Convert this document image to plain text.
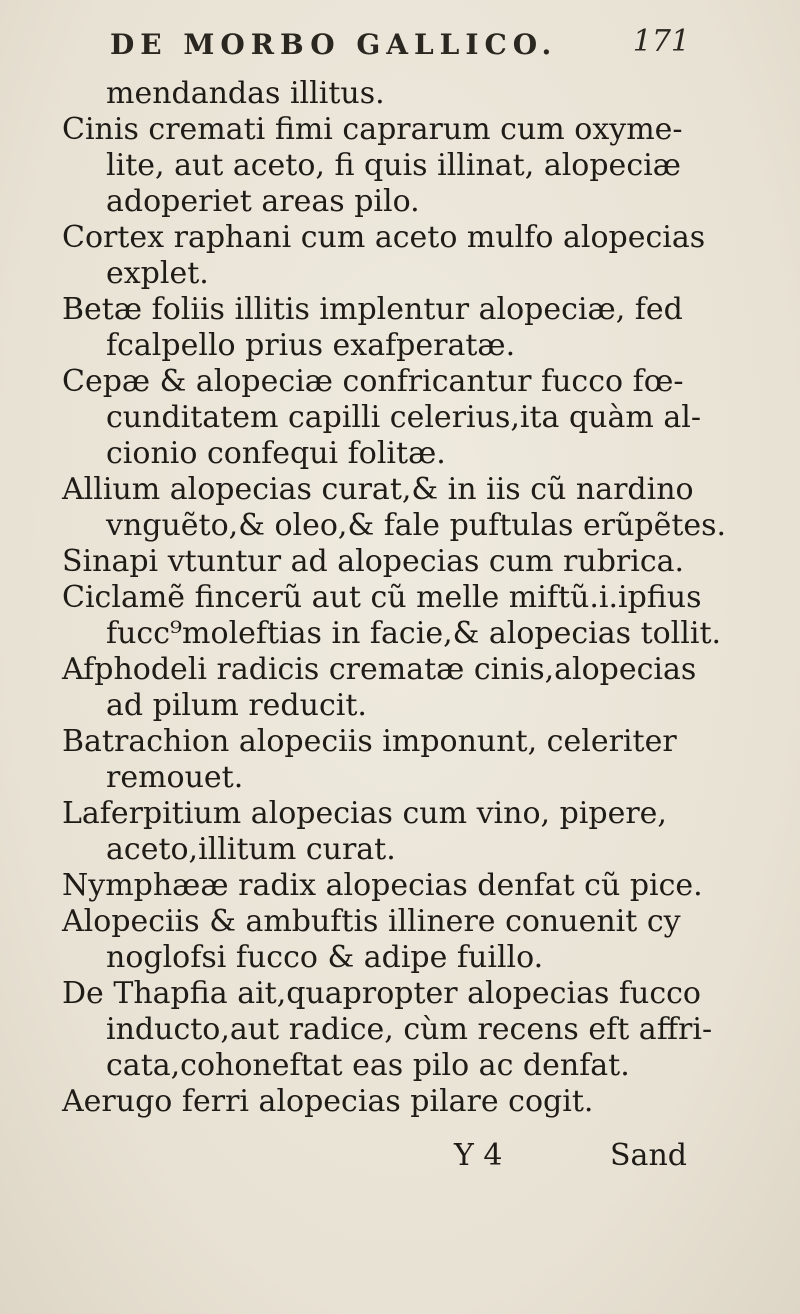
DE MORBO GALLICO.	171
mendandas illitus.
Cinis cremati fimi caprarum cum oxyme-
lite, aut aceto, fi quis illinat, alopeciæ
adoperiet areas pilo.
Cortex raphani cum aceto mulfo alopecias
explet.
Betæ foliis illitis implentur alopeciæ, fed
fcalpello prius exafperatæ.
Cepæ & alopeciæ confricantur fucco fœ-
cunditatem capilli celerius,ita quàm al-
cionio confequi folitæ.
Allium alopecias curat,& in iis cũ nardino
vnguẽto,& oleo,& fale puftulas erũpẽtes.
Sinapi vtuntur ad alopecias cum rubrica.
Ciclamẽ fincerũ aut cũ melle miftũ.i.ipfius
fucc⁹moleftias in facie,& alopecias tollit.
Afphodeli radicis crematæ cinis,alopecias
ad pilum reducit.
Batrachion alopeciis imponunt, celeriter
remouet.
Laferpitium alopecias cum vino, pipere,
aceto,illitum curat.
Nymphææ radix alopecias denfat cũ pice.
Alopeciis & ambuftis illinere conuenit cy
noglofsi fucco & adipe fuillo.
De Thapfia ait,quapropter alopecias fucco
inducto,aut radice, cùm recens eft affri-
cata,cohoneftat eas pilo ac denfat.
Aerugo ferri alopecias pilare cogit.
Y 4	Sand
